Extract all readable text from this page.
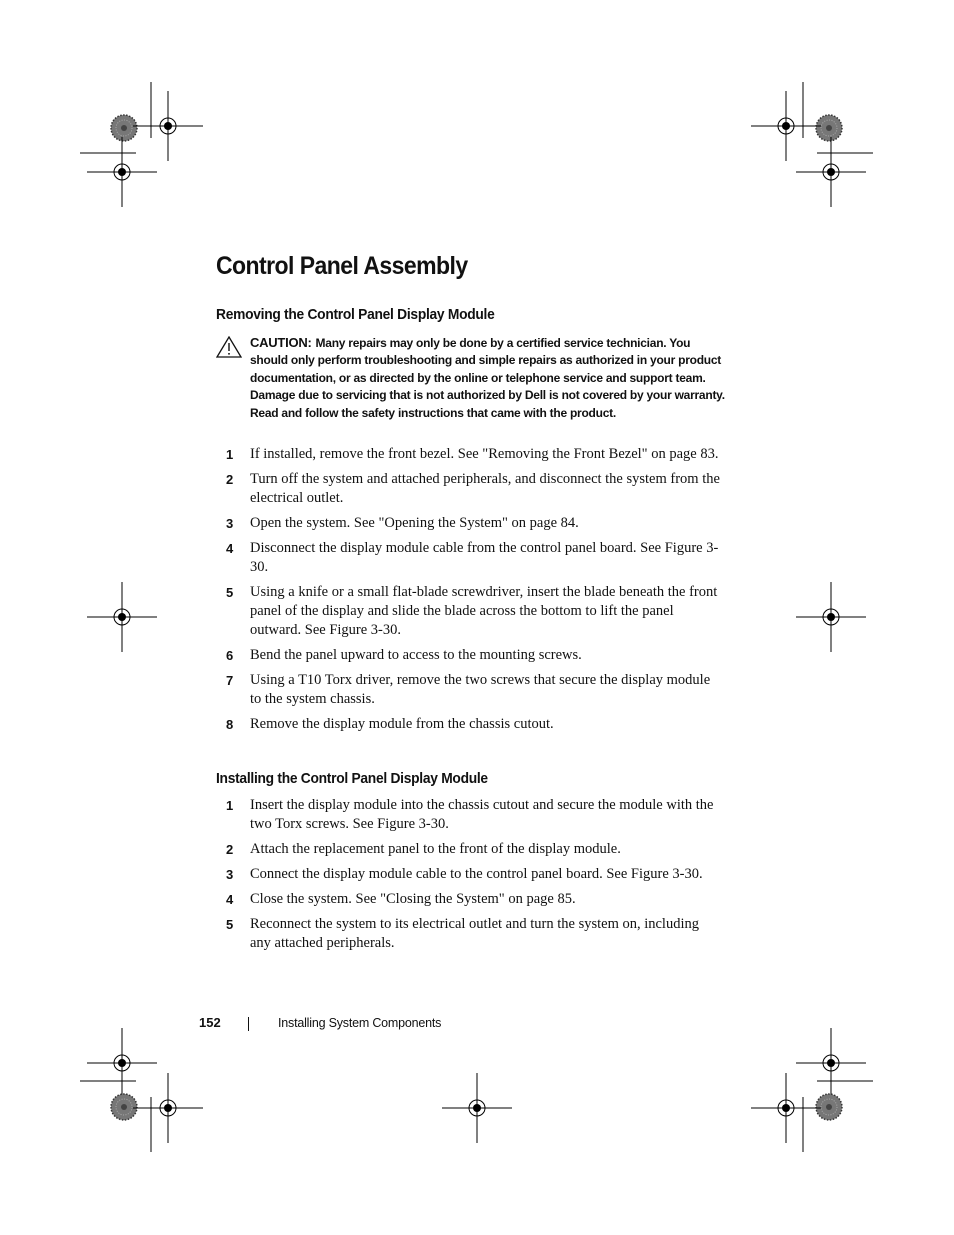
Control Panel Assembly
Removing the Control Panel Display Module
CAUTION: Many repairs may only be done by a certified service technician. You should only perform troubleshooting and simple repairs as authorized in your product documentation, or as directed by the online or telephone service and support team. Damage due to servicing that is not authorized by Dell is not covered by your warranty. Read and follow the safety instructions that came with the product.
1 If installed, remove the front bezel. See "Removing the Front Bezel" on page 83.
2 Turn off the system and attached peripherals, and disconnect the system from the electrical outlet.
3 Open the system. See "Opening the System" on page 84.
4 Disconnect the display module cable from the control panel board. See Figure 3-30.
5 Using a knife or a small flat-blade screwdriver, insert the blade beneath the front panel of the display and slide the blade across the bottom to lift the panel outward. See Figure 3-30.
6 Bend the panel upward to access to the mounting screws.
7 Using a T10 Torx driver, remove the two screws that secure the display module to the system chassis.
8 Remove the display module from the chassis cutout.
Installing the Control Panel Display Module
1 Insert the display module into the chassis cutout and secure the module with the two Torx screws. See Figure 3-30.
2 Attach the replacement panel to the front of the display module.
3 Connect the display module cable to the control panel board. See Figure 3-30.
4 Close the system. See "Closing the System" on page 85.
5 Reconnect the system to its electrical outlet and turn the system on, including any attached peripherals.
152	Installing System Components
